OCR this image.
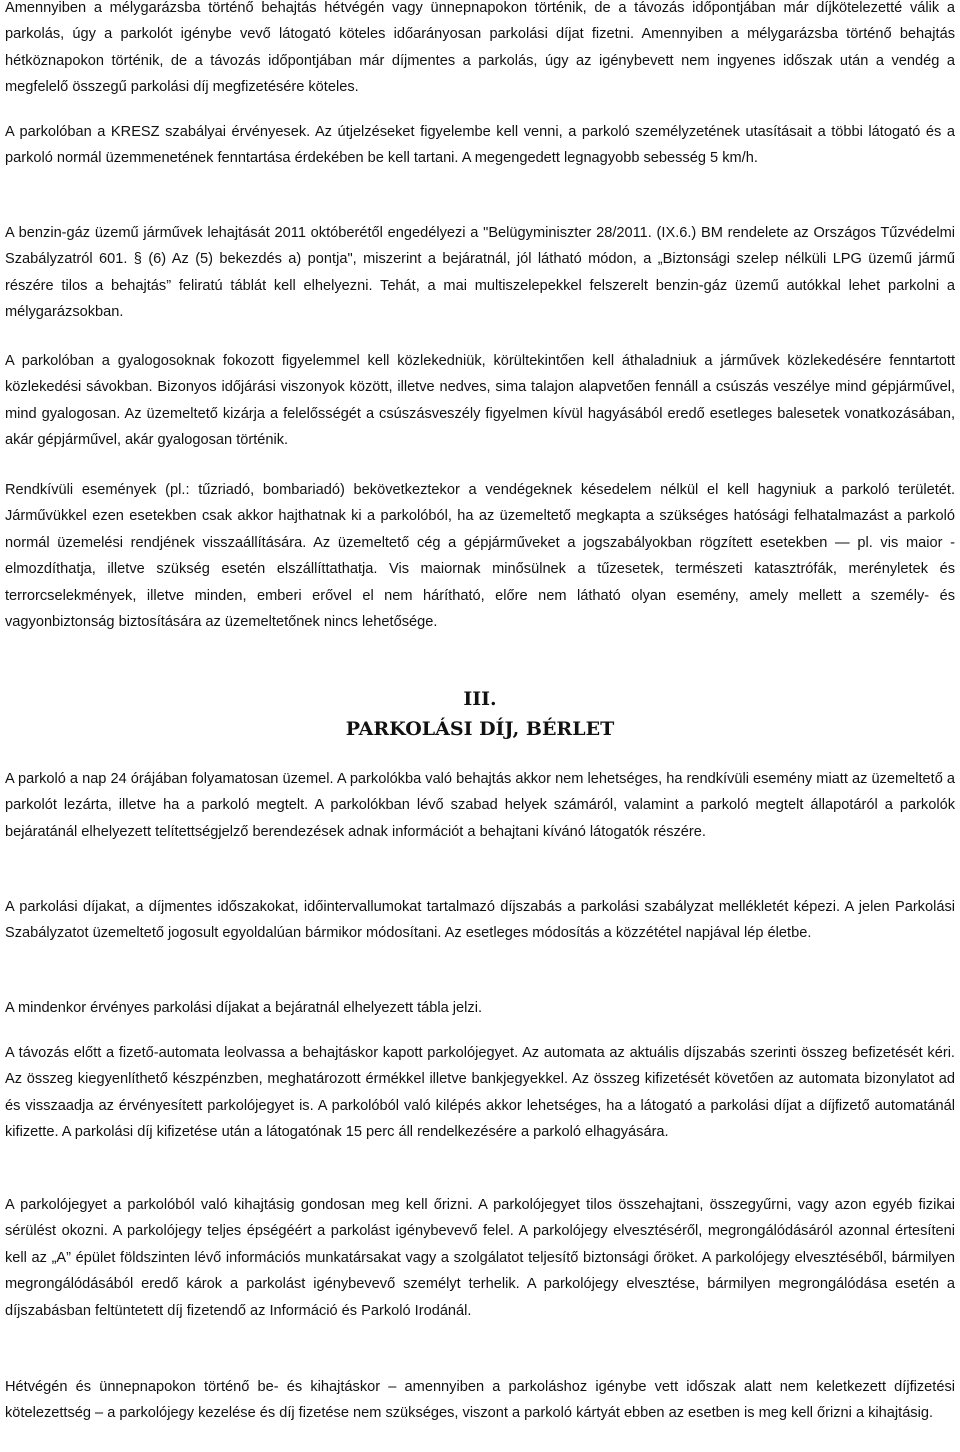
Amennyiben a mélygarázsba történő behajtás hétvégén vagy ünnepnapokon történik, de a távozás időpontjában már díjkötelezetté válik a parkolás, úgy a parkolót igénybe vevő látogató köteles időarányosan parkolási díjat fizetni. Amennyiben a mélygarázsba történő behajtás hétköznapokon történik, de a távozás időpontjában már díjmentes a parkolás, úgy az igénybevett nem ingyenes időszak után a vendég a megfelelő összegű parkolási díj megfizetésére köteles.

A parkolóban a KRESZ szabályai érvényesek. Az útjelzéseket figyelembe kell venni, a parkoló személyzetének utasításait a többi látogató és a parkoló normál üzemmenetének fenntartása érdekében be kell tartani. A megengedett legnagyobb sebesség 5 km/h.

A benzin-gáz üzemű járművek lehajtását 2011 októberétől engedélyezi a "Belügyminiszter 28/2011. (IX.6.) BM rendelete az Országos Tűzvédelmi Szabályzatról 601. § (6) Az (5) bekezdés a) pontja", miszerint a bejáratnál, jól látható módon, a „Biztonsági szelep nélküli LPG üzemű jármű részére tilos a behajtás” feliratú táblát kell elhelyezni. Tehát, a mai multiszelepekkel felszerelt benzin-gáz üzemű autókkal lehet parkolni a mélygarázsokban.

A parkolóban a gyalogosoknak fokozott figyelemmel kell közlekedniük, körültekintően kell áthaladniuk a járművek közlekedésére fenntartott közlekedési sávokban. Bizonyos időjárási viszonyok között, illetve nedves, sima talajon alapvetően fennáll a csúszás veszélye mind gépjárművel, mind gyalogosan. Az üzemeltető kizárja a felelősségét a csúszásveszély figyelmen kívül hagyásából eredő esetleges balesetek vonatkozásában, akár gépjárművel, akár gyalogosan történik.

Rendkívüli események (pl.: tűzriadó, bombariadó) bekövetkeztekor a vendégeknek késedelem nélkül el kell hagyniuk a parkoló területét. Járművükkel ezen esetekben csak akkor hajthatnak ki a parkolóból, ha az üzemeltető megkapta a szükséges hatósági felhatalmazást a parkoló normál üzemelési rendjének visszaállítására. Az üzemeltető cég a gépjárműveket a jogszabályokban rögzített esetekben — pl. vis maior - elmozdíthatja, illetve szükség esetén elszállíttathatja. Vis maiornak minősülnek a tűzesetek, természeti katasztrófák, merényletek és terrorcselekmények, illetve minden, emberi erővel el nem hárítható, előre nem látható olyan esemény, amely mellett a személy- és vagyonbiztonság biztosítására az üzemeltetőnek nincs lehetősége.

III.
PARKOLÁSI DÍJ, BÉRLET

A parkoló a nap 24 órájában folyamatosan üzemel. A parkolókba való behajtás akkor nem lehetséges, ha rendkívüli esemény miatt az üzemeltető a parkolót lezárta, illetve ha a parkoló megtelt. A parkolókban lévő szabad helyek számáról, valamint a parkoló megtelt állapotáról a parkolók bejáratánál elhelyezett telítettségjelző berendezések adnak információt a behajtani kívánó látogatók részére.

A parkolási díjakat, a díjmentes időszakokat, időintervallumokat tartalmazó díjszabás a parkolási szabályzat mellékletét képezi. A jelen Parkolási Szabályzatot üzemeltető jogosult egyoldalúan bármikor módosítani. Az esetleges módosítás a közzététel napjával lép életbe.

A mindenkor érvényes parkolási díjakat a bejáratnál elhelyezett tábla jelzi.

A távozás előtt a fizető-automata leolvassa a behajtáskor kapott parkolójegyet. Az automata az aktuális díjszabás szerinti összeg befizetését kéri. Az összeg kiegyenlíthető készpénzben, meghatározott érmékkel illetve bankjegyekkel. Az összeg kifizetését követően az automata bizonylatot ad és visszaadja az érvényesített parkolójegyet is. A parkolóból való kilépés akkor lehetséges, ha a látogató a parkolási díjat a díjfizető automatánál kifizette. A parkolási díj kifizetése után a látogatónak 15 perc áll rendelkezésére a parkoló elhagyására.

A parkolójegyet a parkolóból való kihajtásig gondosan meg kell őrizni. A parkolójegyet tilos összehajtani, összegyűrni, vagy azon egyéb fizikai sérülést okozni. A parkolójegy teljes épségéért a parkolást igénybevevő felel. A parkolójegy elvesztéséről, megrongálódásáról azonnal értesíteni kell az „A” épület földszinten lévő információs munkatársakat vagy a szolgálatot teljesítő biztonsági őröket. A parkolójegy elvesztéséből, bármilyen megrongálódásából eredő károk a parkolást igénybevevő személyt terhelik. A parkolójegy elvesztése, bármilyen megrongálódása esetén a díjszabásban feltüntetett díj fizetendő az Információ és Parkoló Irodánál.

Hétvégén és ünnepnapokon történő be- és kihajtáskor – amennyiben a parkoláshoz igénybe vett időszak alatt nem keletkezett díjfizetési kötelezettség – a parkolójegy kezelése és díj fizetése nem szükséges, viszont a parkoló kártyát ebben az esetben is meg kell őrizni a kihajtásig.
